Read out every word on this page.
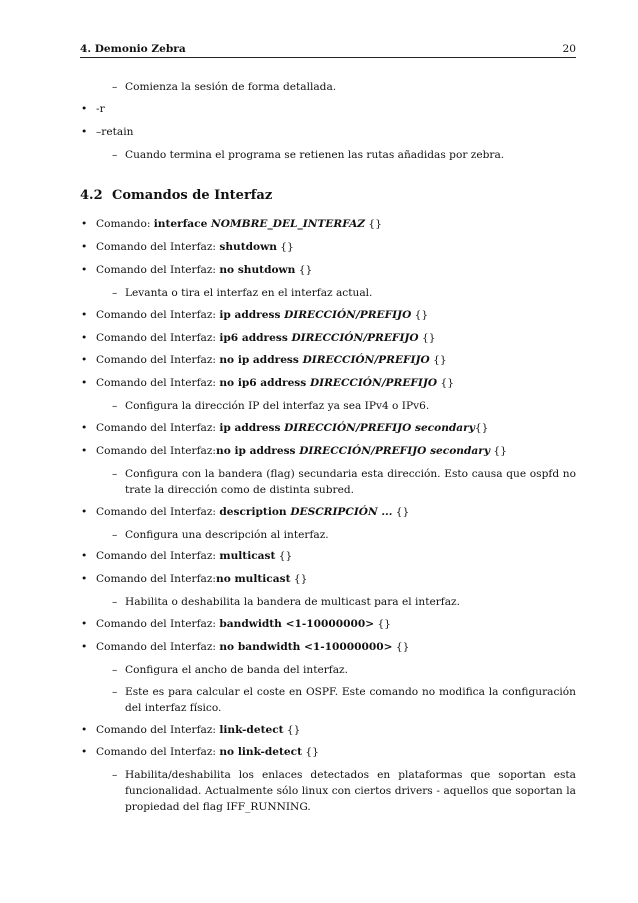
4. Demonio Zebra	20
– Comienza la sesión de forma detallada.
• -r
• –retain
– Cuando termina el programa se retienen las rutas añadidas por zebra.
4.2 Comandos de Interfaz
• Comando: interface NOMBRE_DEL_INTERFAZ {}
• Comando del Interfaz: shutdown {}
• Comando del Interfaz: no shutdown {}
– Levanta o tira el interfaz en el interfaz actual.
• Comando del Interfaz: ip address DIRECCIÓN/PREFIJO {}
• Comando del Interfaz: ip6 address DIRECCIÓN/PREFIJO {}
• Comando del Interfaz: no ip address DIRECCIÓN/PREFIJO {}
• Comando del Interfaz: no ip6 address DIRECCIÓN/PREFIJO {}
– Configura la dirección IP del interfaz ya sea IPv4 o IPv6.
• Comando del Interfaz: ip address DIRECCIÓN/PREFIJO secondary{}
• Comando del Interfaz:no ip address DIRECCIÓN/PREFIJO secondary {}
– Configura con la bandera (flag) secundaria esta dirección. Esto causa que ospfd no trate la dirección como de distinta subred.
• Comando del Interfaz: description DESCRIPCIÓN ... {}
– Configura una descripción al interfaz.
• Comando del Interfaz: multicast {}
• Comando del Interfaz:no multicast {}
– Habilita o deshabilita la bandera de multicast para el interfaz.
• Comando del Interfaz: bandwidth <1-10000000> {}
• Comando del Interfaz: no bandwidth <1-10000000> {}
– Configura el ancho de banda del interfaz.
– Este es para calcular el coste en OSPF. Este comando no modifica la configuración del interfaz físico.
• Comando del Interfaz: link-detect {}
• Comando del Interfaz: no link-detect {}
– Habilita/deshabilita los enlaces detectados en plataformas que soportan esta funcionalidad. Actualmente sólo linux con ciertos drivers - aquellos que soportan la propiedad del flag IFF_RUNNING.
